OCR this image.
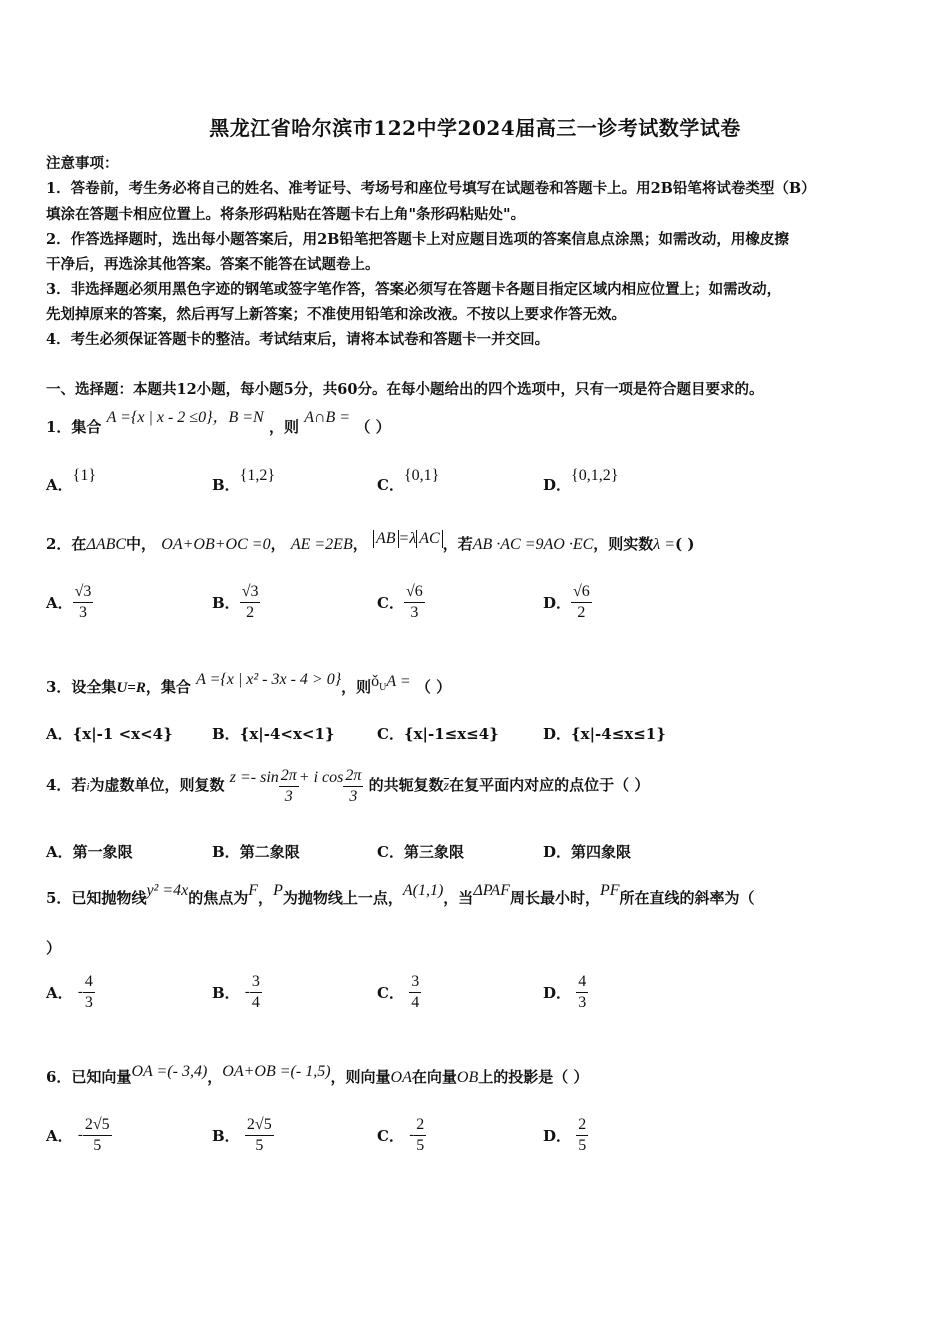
黑龙江省哈尔滨市122中学2024届高三一诊考试数学试卷
注意事项：
1．答卷前，考生务必将自己的姓名、准考证号、考场号和座位号填写在试题卷和答题卡上。用2B铅笔将试卷类型（B）
填涂在答题卡相应位置上。将条形码粘贴在答题卡右上角"条形码粘贴处"。
2．作答选择题时，选出每小题答案后，用2B铅笔把答题卡上对应题目选项的答案信息点涂黑；如需改动，用橡皮擦
干净后，再选涂其他答案。答案不能答在试题卷上。
3．非选择题必须用黑色字迹的钢笔或签字笔作答，答案必须写在答题卡各题目指定区域内相应位置上；如需改动，
先划掉原来的答案，然后再写上新答案；不准使用铅笔和涂改液。不按以上要求作答无效。
4．考生必须保证答题卡的整洁。考试结束后，请将本试卷和答题卡一并交回。
一、选择题：本题共12小题，每小题5分，共60分。在每小题给出的四个选项中，只有一项是符合题目要求的。
1．集合 A ={x | x - 2 ≤0}，B =N ，则 A∩B = （ ）
A．{1}
B．{1,2}
C．{0,1}
D．{0,1,2}
2．在ΔABC中， OA+OB+OC =0， AE =2EB， AB =λ AC ，若AB ·AC =9AO ·EC，则实数λ =( )
A． $\frac{√3}{3}$	B． $\frac{√3}{2}$	C． $\frac{√6}{3}$	D． $\frac{√6}{2}$
3．设全集U=R，集合 A ={x | x² - 3x - 4 > 0}，则$ǒ_UA$ = （ ）
A．{x|-1 <x<4}	B．{x|-4<x<1}	C．{x|-1≤x≤4}	D．{x|-4≤x≤1}
4．若i为虚数单位，则复数 $z =- \sin \frac{2\pi}{3} + i$ $\cos \frac{2\pi}{3}$ 的共轭复数$\overline{z}$在复平面内对应的点位于（ ）
A．第一象限	B．第二象限	C．第三象限	D．第四象限
5．已知抛物线y² =4x的焦点为F，P为抛物线上一点，A(1,1)，当ΔPAF周长最小时，PF所在直线的斜率为（
）
A． - $\frac{4}{3}$	B． - $\frac{3}{4}$	C． $\frac{3}{4}$	D． $\frac{4}{3}$
6．已知向量OA =(- 3,4)，OA+OB =(- 1,5)，则向量OA在向量OB上的投影是（ ）
A． - $\frac{2√5}{5}$	B． $\frac{2√5}{5}$	C． - $\frac{2}{5}$	D． $\frac{2}{5}$
